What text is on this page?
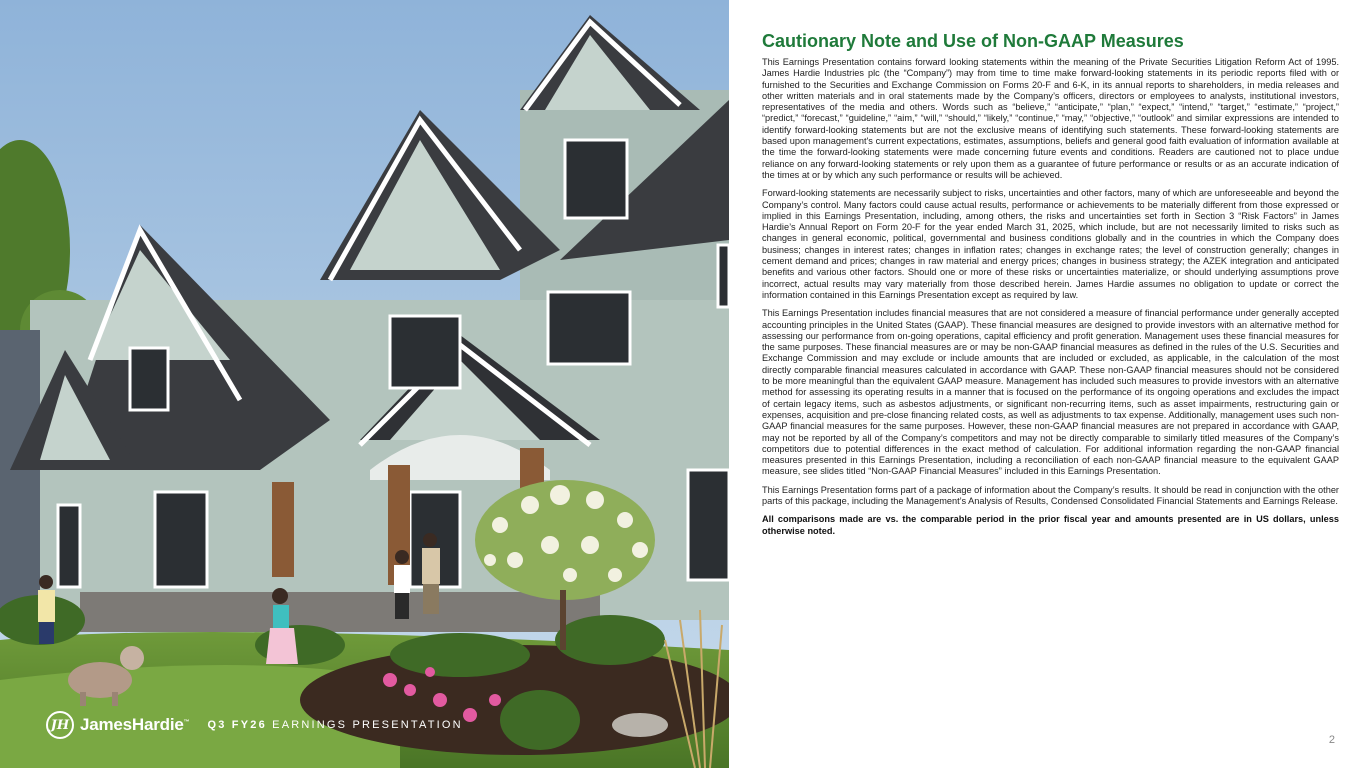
JH JamesHardie™ Q3 FY26 EARNINGS PRESENTATION
Cautionary Note and Use of Non-GAAP Measures

This Earnings Presentation contains forward looking statements within the meaning of the Private Securities Litigation Reform Act of 1995. James Hardie Industries plc (the “Company”) may from time to time make forward-looking statements in its periodic reports filed with or furnished to the Securities and Exchange Commission on Forms 20-F and 6-K, in its annual reports to shareholders, in media releases and other written materials and in oral statements made by the Company’s officers, directors or employees to analysts, institutional investors, representatives of the media and others. Words such as “believe,” “anticipate,” “plan,” “expect,” “intend,” “target,” “estimate,” “project,” “predict,” “forecast,” “guideline,” “aim,” “will,” “should,” “likely,” “continue,” “may,” “objective,” “outlook” and similar expressions are intended to identify forward-looking statements but are not the exclusive means of identifying such statements. These forward-looking statements are based upon management's current expectations, estimates, assumptions, beliefs and general good faith evaluation of information available at the time the forward-looking statements were made concerning future events and conditions. Readers are cautioned not to place undue reliance on any forward-looking statements or rely upon them as a guarantee of future performance or results or as an accurate indication of the times at or by which any such performance or results will be achieved.

Forward-looking statements are necessarily subject to risks, uncertainties and other factors, many of which are unforeseeable and beyond the Company’s control. Many factors could cause actual results, performance or achievements to be materially different from those expressed or implied in this Earnings Presentation, including, among others, the risks and uncertainties set forth in Section 3 “Risk Factors” in James Hardie’s Annual Report on Form 20-F for the year ended March 31, 2025, which include, but are not necessarily limited to risks such as changes in general economic, political, governmental and business conditions globally and in the countries in which the Company does business; changes in interest rates; changes in inflation rates; changes in exchange rates; the level of construction generally; changes in cement demand and prices; changes in raw material and energy prices; changes in business strategy; the AZEK integration and anticipated benefits and various other factors. Should one or more of these risks or uncertainties materialize, or should underlying assumptions prove incorrect, actual results may vary materially from those described herein. James Hardie assumes no obligation to update or correct the information contained in this Earnings Presentation except as required by law.

This Earnings Presentation includes financial measures that are not considered a measure of financial performance under generally accepted accounting principles in the United States (GAAP). These financial measures are designed to provide investors with an alternative method for assessing our performance from on-going operations, capital efficiency and profit generation. Management uses these financial measures for the same purposes. These financial measures are or may be non-GAAP financial measures as defined in the rules of the U.S. Securities and Exchange Commission and may exclude or include amounts that are included or excluded, as applicable, in the calculation of the most directly comparable financial measures calculated in accordance with GAAP. These non-GAAP financial measures should not be considered to be more meaningful than the equivalent GAAP measure. Management has included such measures to provide investors with an alternative method for assessing its operating results in a manner that is focused on the performance of its ongoing operations and excludes the impact of certain legacy items, such as asbestos adjustments, or significant non-recurring items, such as asset impairments, restructuring gain or expenses, acquisition and pre-close financing related costs, as well as adjustments to tax expense. Additionally, management uses such non-GAAP financial measures for the same purposes. However, these non-GAAP financial measures are not prepared in accordance with GAAP, may not be reported by all of the Company’s competitors and may not be directly comparable to similarly titled measures of the Company’s competitors due to potential differences in the exact method of calculation. For additional information regarding the non-GAAP financial measures presented in this Earnings Presentation, including a reconciliation of each non-GAAP financial measure to the equivalent GAAP measure, see slides titled “Non-GAAP Financial Measures” included in this Earnings Presentation.

This Earnings Presentation forms part of a package of information about the Company’s results. It should be read in conjunction with the other parts of this package, including the Management’s Analysis of Results, Condensed Consolidated Financial Statements and Earnings Release.

All comparisons made are vs. the comparable period in the prior fiscal year and amounts presented are in US dollars, unless otherwise noted.

2
